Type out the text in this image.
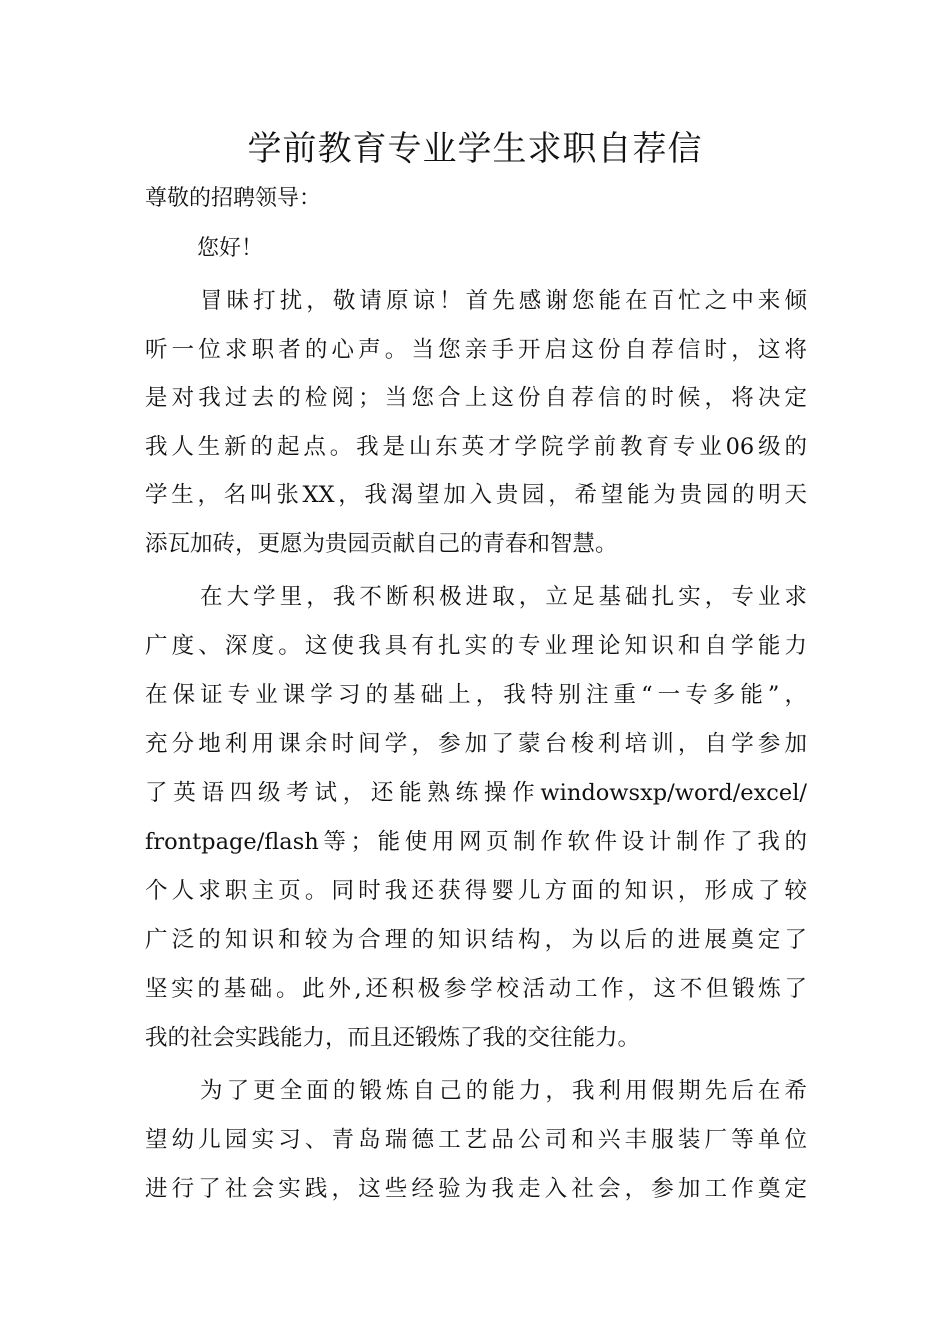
学前教育专业学生求职自荐信

尊敬的招聘领导：

您好！

冒昧打扰，敬请原谅！首先感谢您能在百忙之中来倾

听一位求职者的心声。当您亲手开启这份自荐信时，这将

是对我过去的检阅；当您合上这份自荐信的时候，将决定

我人生新的起点。我是山东英才学院学前教育专业06级的

学生，名叫张XX，我渴望加入贵园，希望能为贵园的明天

添瓦加砖，更愿为贵园贡献自己的青春和智慧。

在大学里，我不断积极进取，立足基础扎实，专业求

广度、深度。这使我具有扎实的专业理论知识和自学能力

在保证专业课学习的基础上，我特别注重“一专多能”，

充分地利用课余时间学，参加了蒙台梭利培训，自学参加

了英语四级考试，还能熟练操作windowsxp/word/excel/

frontpage/flash等；能使用网页制作软件设计制作了我的

个人求职主页。同时我还获得婴儿方面的知识，形成了较

广泛的知识和较为合理的知识结构，为以后的进展奠定了

坚实的基础。此外,还积极参学校活动工作，这不但锻炼了

我的社会实践能力，而且还锻炼了我的交往能力。

为了更全面的锻炼自己的能力，我利用假期先后在希

望幼儿园实习、青岛瑞德工艺品公司和兴丰服装厂等单位

进行了社会实践，这些经验为我走入社会，参加工作奠定
